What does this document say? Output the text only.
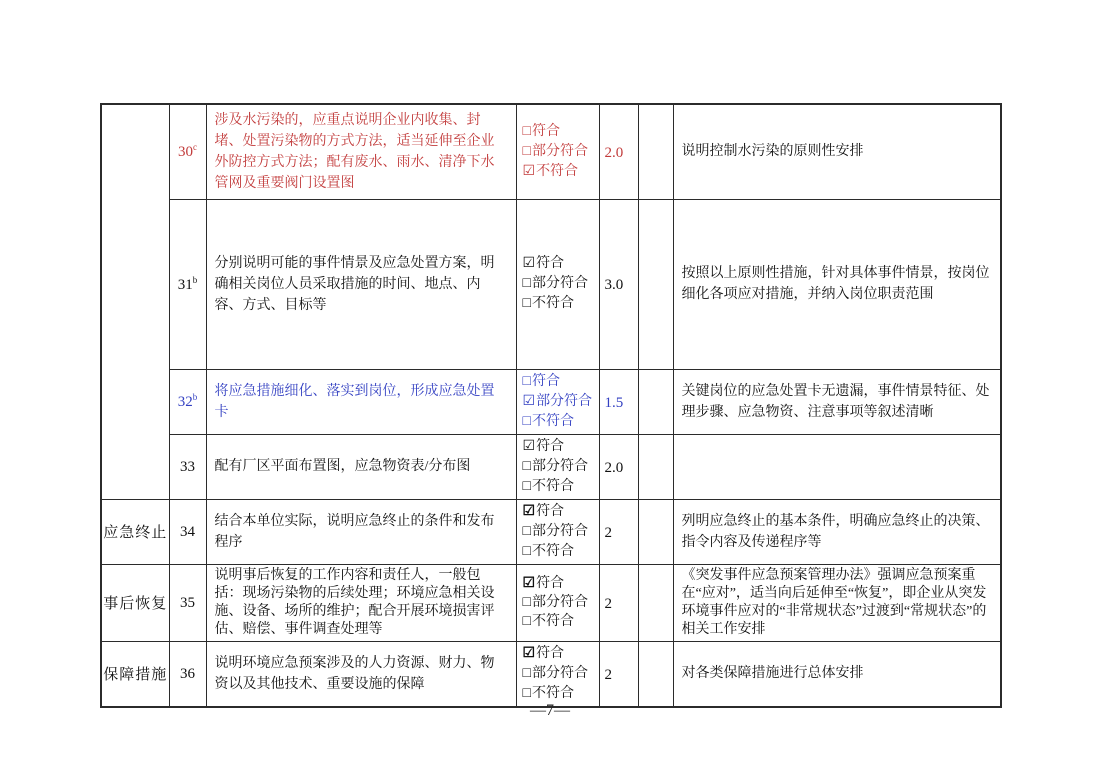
	30$^c$	涉及水污染的，应重点说明企业内收集、封堵、处置污染物的方式方法，适当延伸至企业外防控方式方法；配有废水、雨水、清净下水管网及重要阀门设置图	□符合
□部分符合
☑不符合	2.0		说明控制水污染的原则性安排
	31$^b$	分别说明可能的事件情景及应急处置方案，明确相关岗位人员采取措施的时间、地点、内容、方式、目标等	☑符合
□部分符合
□不符合	3.0		按照以上原则性措施，针对具体事件情景，按岗位细化各项应对措施，并纳入岗位职责范围
	32$^b$	将应急措施细化、落实到岗位，形成应急处置卡	□符合
☑部分符合
□不符合	1.5		关键岗位的应急处置卡无遗漏，事件情景特征、处理步骤、应急物资、注意事项等叙述清晰
	33	配有厂区平面布置图，应急物资表/分布图	☑符合
□部分符合
□不符合	2.0		
应急终止	34	结合本单位实际，说明应急终止的条件和发布程序	☑符合
□部分符合
□不符合	2		列明应急终止的基本条件，明确应急终止的决策、指令内容及传递程序等
事后恢复	35	说明事后恢复的工作内容和责任人，一般包括：现场污染物的后续处理；环境应急相关设施、设备、场所的维护；配合开展环境损害评估、赔偿、事件调查处理等	☑符合
□部分符合
□不符合	2		《突发事件应急预案管理办法》强调应急预案重在“应对”，适当向后延伸至“恢复”，即企业从突发环境事件应对的“非常规状态”过渡到“常规状态”的相关工作安排
保障措施	36	说明环境应急预案涉及的人力资源、财力、物资以及其他技术、重要设施的保障	☑符合
□部分符合
□不符合	2		对各类保障措施进行总体安排
—7—
